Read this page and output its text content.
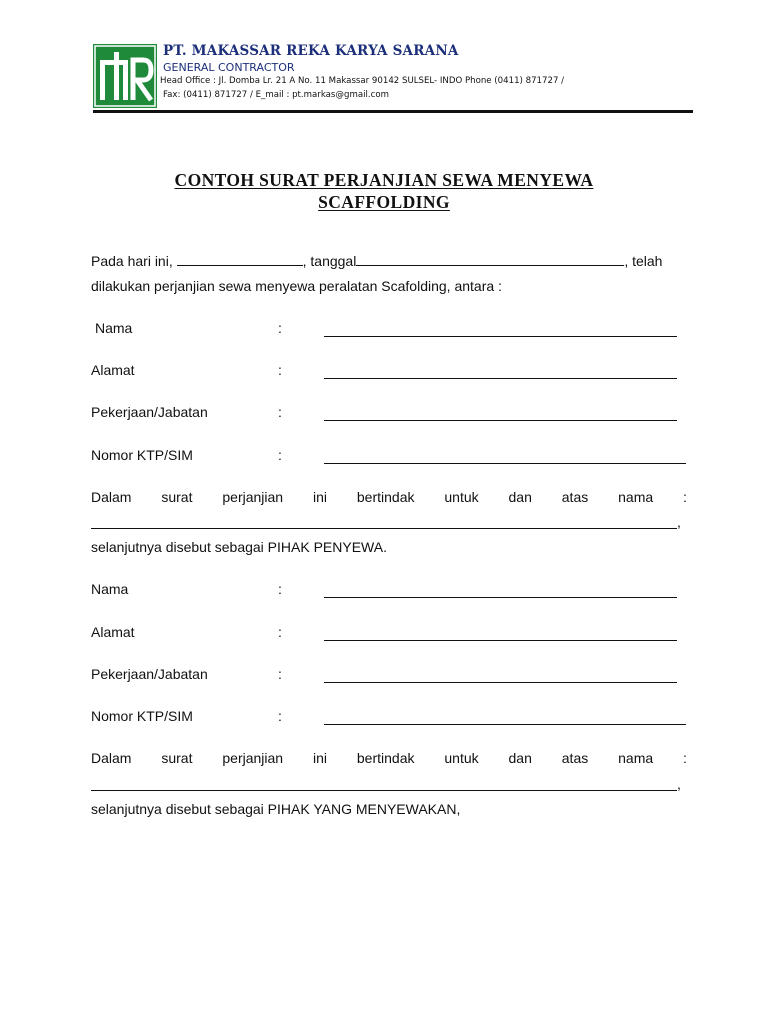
PT. MAKASSAR REKA KARYA SARANA
GENERAL CONTRACTOR
Head Office : Jl. Domba Lr. 21 A No. 11 Makassar 90142 SULSEL- INDO Phone (0411) 871727 /
Fax: (0411) 871727 / E_mail : pt.markas@gmail.com
CONTOH SURAT PERJANJIAN SEWA MENYEWA
SCAFFOLDING
Pada hari ini,	, tanggal	, telah
dilakukan perjanjian sewa menyewa peralatan Scafolding, antara :
Nama	:
Alamat	:
Pekerjaan/Jabatan	:
Nomor KTP/SIM	:
Dalam surat perjanjian ini bertindak untuk dan atas nama :
,
selanjutnya disebut sebagai PIHAK PENYEWA.
Nama	:
Alamat	:
Pekerjaan/Jabatan	:
Nomor KTP/SIM	:
Dalam surat perjanjian ini bertindak untuk dan atas nama :
,
selanjutnya disebut sebagai PIHAK YANG MENYEWAKAN,
